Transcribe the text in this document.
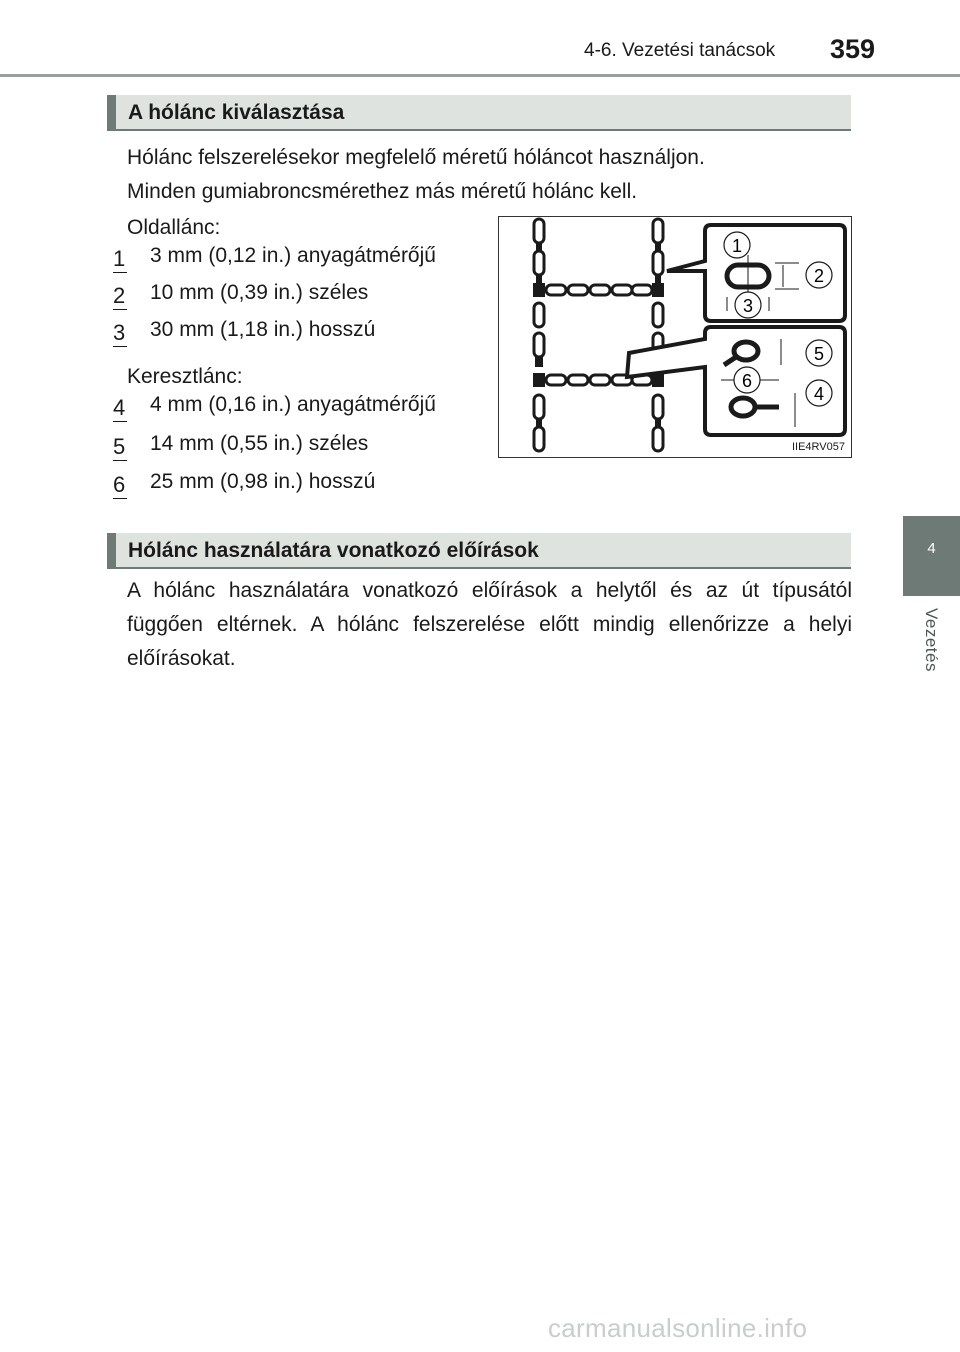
4-6. Vezetési tanácsok 359
4
Vezetés
A hólánc kiválasztása
Hólánc felszerelésekor megfelelő méretű hóláncot használjon.
Minden gumiabroncsmérethez más méretű hólánc kell.
Oldallánc:
1 3 mm (0,12 in.) anyagátmérőjű
2 10 mm (0,39 in.) széles
3 30 mm (1,18 in.) hosszú
Keresztlánc:
4 4 mm (0,16 in.) anyagátmérőjű
5 14 mm (0,55 in.) széles
6 25 mm (0,98 in.) hosszú
1
2
3
5
6
4
IIE4RV057
Hólánc használatára vonatkozó előírások
A hólánc használatára vonatkozó előírások a helytől és az út típusától függően eltérnek. A hólánc felszerelése előtt mindig ellenőrizze a helyi előírásokat.
carmanualsonline.info
